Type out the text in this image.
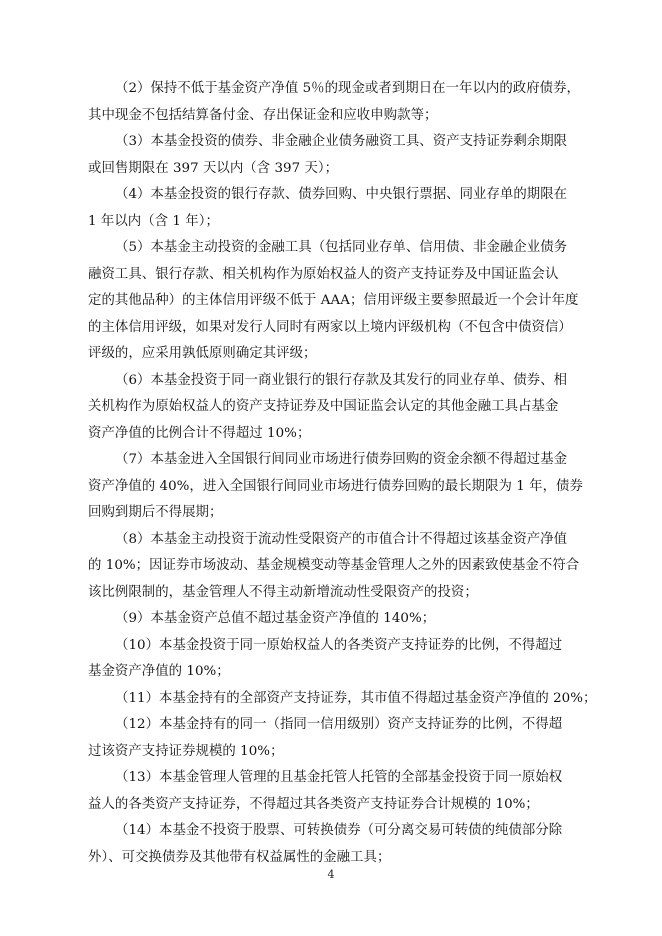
（2）保持不低于基金资产净值 5％的现金或者到期日在一年以内的政府债券，
其中现金不包括结算备付金、存出保证金和应收申购款等；

（3）本基金投资的债券、非金融企业债务融资工具、资产支持证券剩余期限
或回售期限在 397 天以内（含 397 天）；

（4）本基金投资的银行存款、债券回购、中央银行票据、同业存单的期限在
1 年以内（含 1 年）；

（5）本基金主动投资的金融工具（包括同业存单、信用债、非金融企业债务
融资工具、银行存款、相关机构作为原始权益人的资产支持证券及中国证监会认
定的其他品种）的主体信用评级不低于 AAA；信用评级主要参照最近一个会计年度
的主体信用评级，如果对发行人同时有两家以上境内评级机构（不包含中债资信）
评级的，应采用孰低原则确定其评级；

（6）本基金投资于同一商业银行的银行存款及其发行的同业存单、债券、相
关机构作为原始权益人的资产支持证券及中国证监会认定的其他金融工具占基金
资产净值的比例合计不得超过 10%；

（7）本基金进入全国银行间同业市场进行债券回购的资金余额不得超过基金
资产净值的 40%，进入全国银行间同业市场进行债券回购的最长期限为 1 年，债券
回购到期后不得展期；

（8）本基金主动投资于流动性受限资产的市值合计不得超过该基金资产净值
的 10%；因证券市场波动、基金规模变动等基金管理人之外的因素致使基金不符合
该比例限制的，基金管理人不得主动新增流动性受限资产的投资；

（9）本基金资产总值不超过基金资产净值的 140%；

（10）本基金投资于同一原始权益人的各类资产支持证券的比例，不得超过
基金资产净值的 10%；

（11）本基金持有的全部资产支持证券，其市值不得超过基金资产净值的 20%；

（12）本基金持有的同一（指同一信用级别）资产支持证券的比例，不得超
过该资产支持证券规模的 10%；

（13）本基金管理人管理的且基金托管人托管的全部基金投资于同一原始权
益人的各类资产支持证券，不得超过其各类资产支持证券合计规模的 10%；

（14）本基金不投资于股票、可转换债券（可分离交易可转债的纯债部分除
外）、可交换债券及其他带有权益属性的金融工具；

4
